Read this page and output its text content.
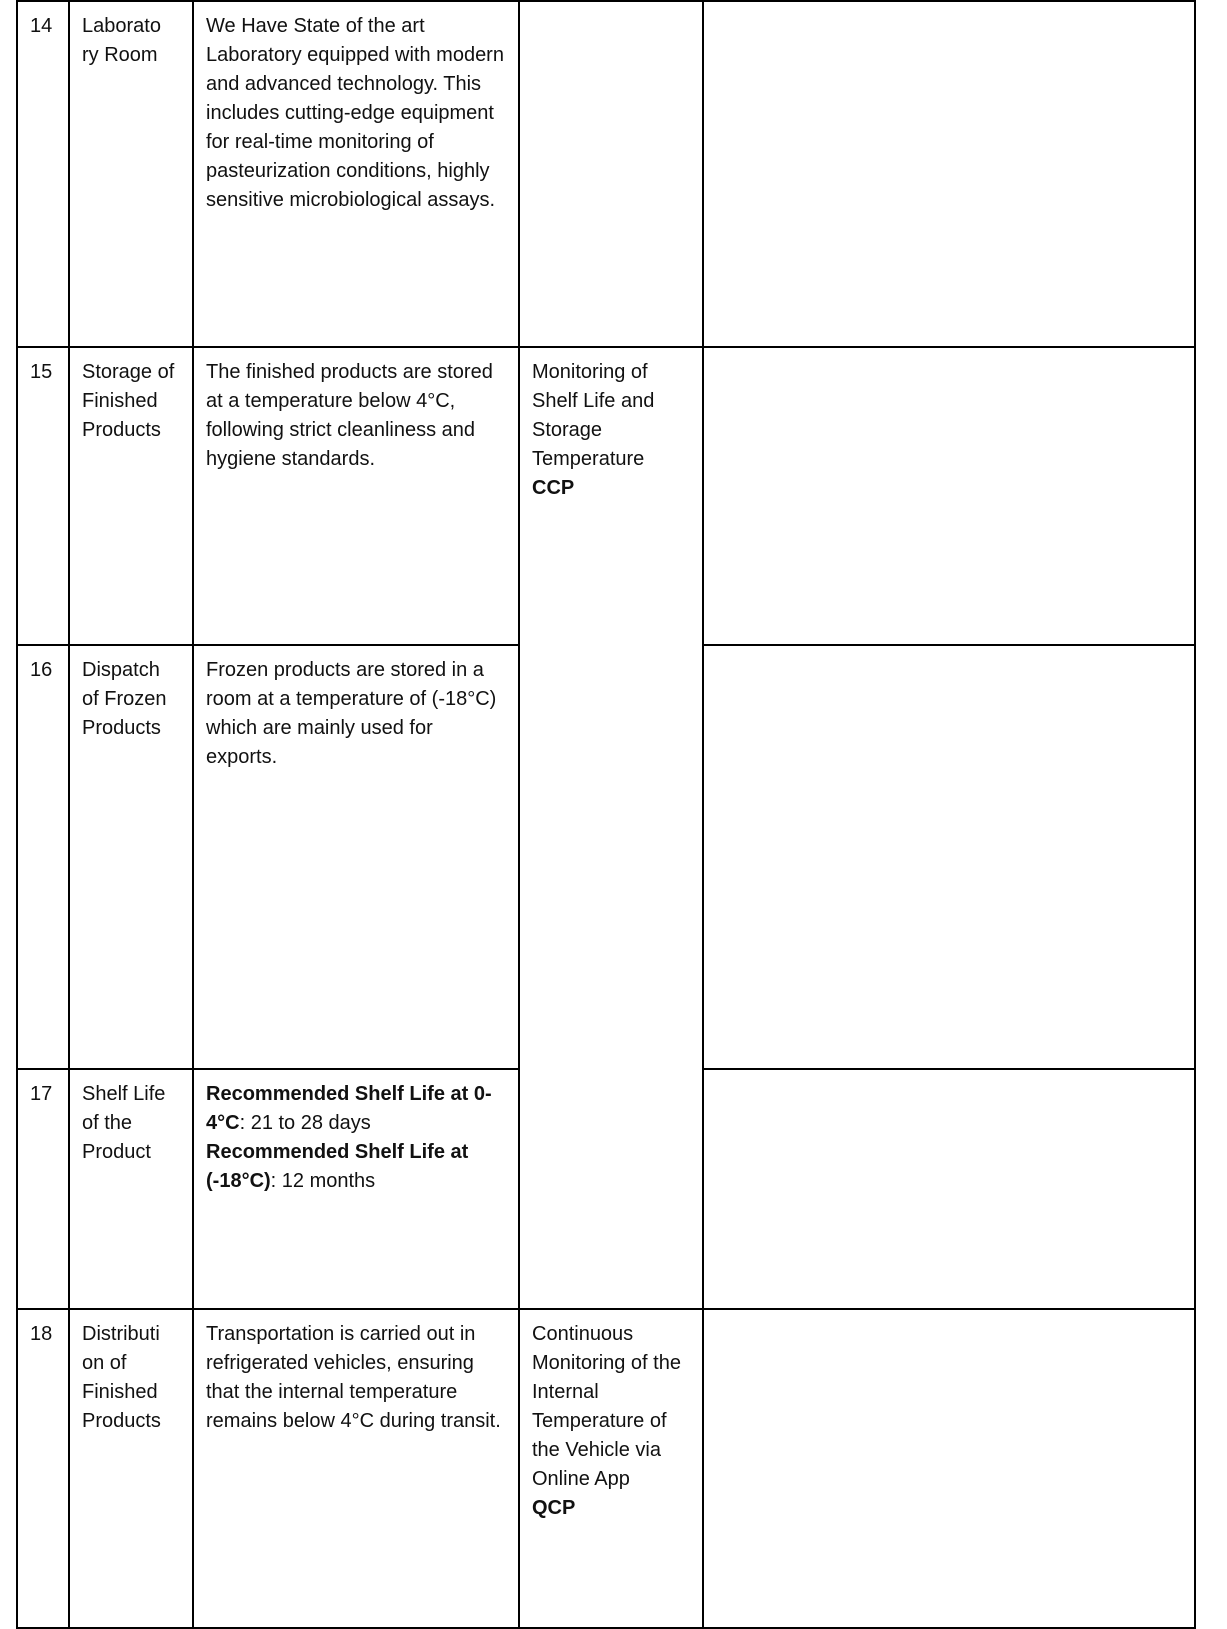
14	Laborato ry Room	We Have State of the art Laboratory equipped with modern and advanced technology. This includes cutting-edge equipment for real-time monitoring of pasteurization conditions, highly sensitive microbiological assays.		

15	Storage of Finished Products	The finished products are stored at a temperature below 4°C, following strict cleanliness and hygiene standards.	Monitoring of Shelf Life and Storage Temperature
CCP	

16	Dispatch of Frozen Products	Frozen products are stored in a room at a temperature of (-18°C) which are mainly used for exports.	

17	Shelf Life of the Product	Recommended Shelf Life at 0-4°C: 21 to 28 days
Recommended Shelf Life at (-18°C): 12 months	

18	Distributi on of Finished Products	Transportation is carried out in refrigerated vehicles, ensuring that the internal temperature remains below 4°C during transit.	Continuous Monitoring of the Internal Temperature of the Vehicle via Online App
QCP	
